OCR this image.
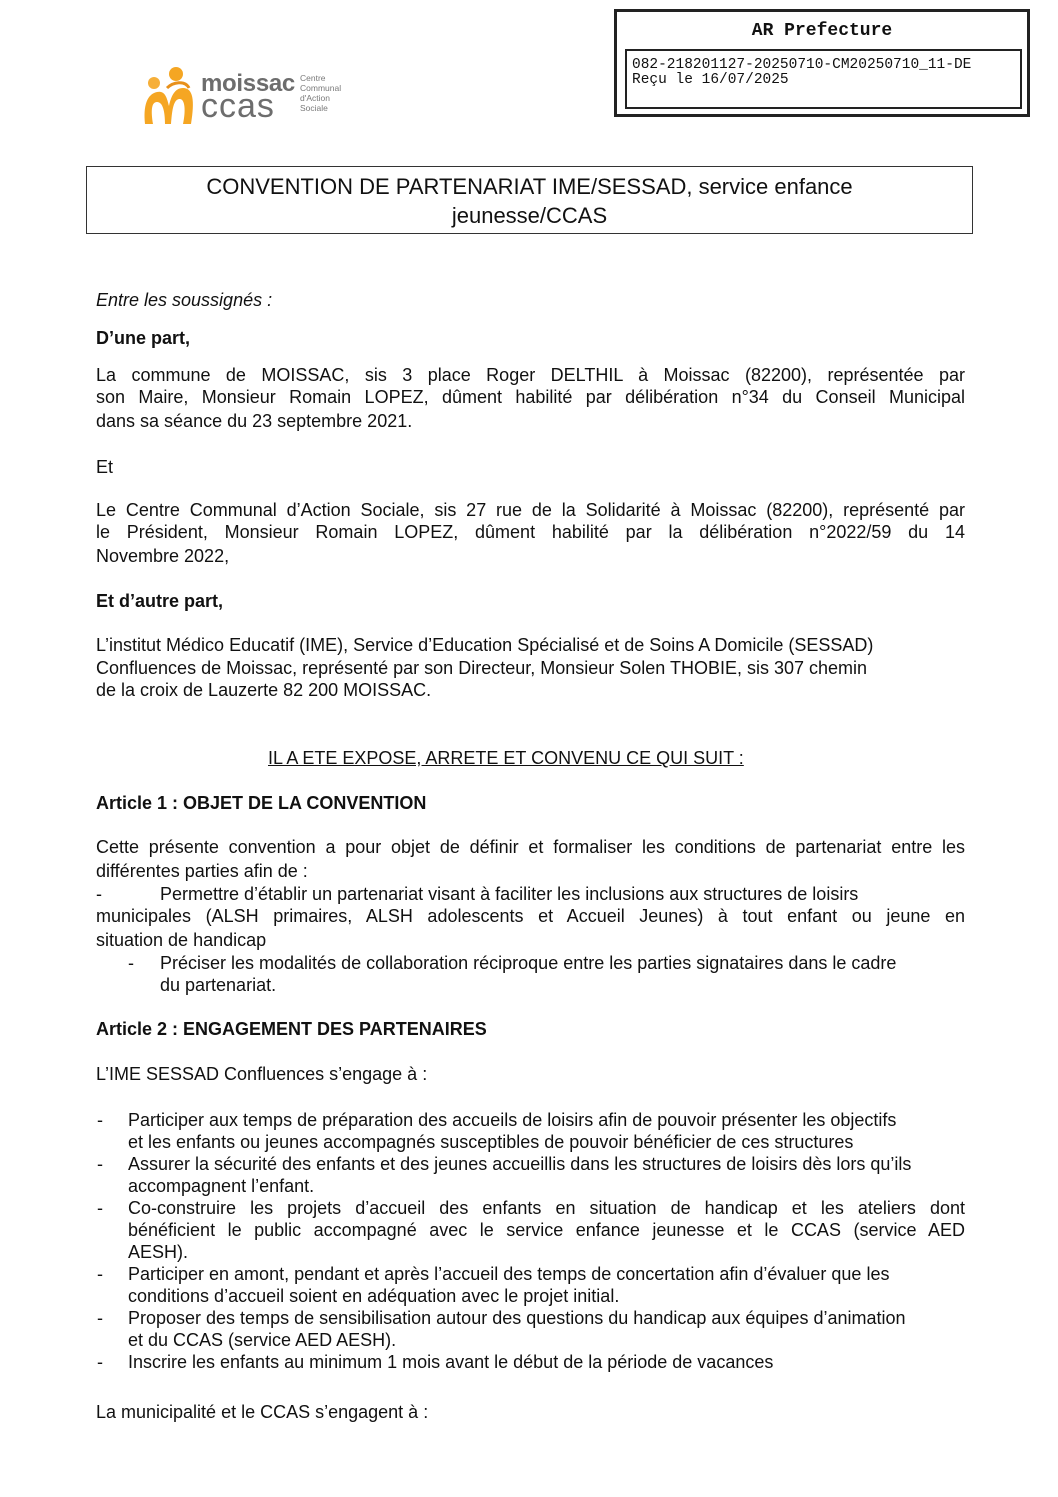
AR Prefecture
082-218201127-20250710-CM20250710_11-DE
Reçu le 16/07/2025
moissac
ccas
Centre
Communal
d'Action
Sociale
CONVENTION DE PARTENARIAT IME/SESSAD, service enfance
jeunesse/CCAS
Entre les soussignés :
D’une part,
La commune de MOISSAC, sis 3 place Roger DELTHIL à Moissac (82200), représentée par
son Maire, Monsieur Romain LOPEZ, dûment habilité par délibération n°34 du Conseil Municipal
dans sa séance du 23 septembre 2021.
Et
Le Centre Communal d’Action Sociale, sis 27 rue de la Solidarité à Moissac (82200), représenté par
le Président, Monsieur Romain LOPEZ, dûment habilité par la délibération n°2022/59 du 14
Novembre 2022,
Et d’autre part,
L’institut Médico Educatif (IME), Service d’Education Spécialisé et de Soins A Domicile (SESSAD)
Confluences de Moissac, représenté par son Directeur, Monsieur Solen THOBIE, sis 307 chemin
de la croix de Lauzerte 82 200 MOISSAC.
IL A ETE EXPOSE, ARRETE ET CONVENU CE QUI SUIT :
Article 1 : OBJET DE LA CONVENTION
Cette présente convention a pour objet de définir et formaliser les conditions de partenariat entre les
différentes parties afin de :
-	Permettre d’établir un partenariat visant à faciliter les inclusions aux structures de loisirs
municipales (ALSH primaires, ALSH adolescents et Accueil Jeunes) à tout enfant ou jeune en
situation de handicap
- Préciser les modalités de collaboration réciproque entre les parties signataires dans le cadre
du partenariat.
Article 2 : ENGAGEMENT DES PARTENAIRES
L’IME SESSAD Confluences s’engage à :
- Participer aux temps de préparation des accueils de loisirs afin de pouvoir présenter les objectifs
et les enfants ou jeunes accompagnés susceptibles de pouvoir bénéficier de ces structures
- Assurer la sécurité des enfants et des jeunes accueillis dans les structures de loisirs dès lors qu’ils
accompagnent l’enfant.
- Co-construire les projets d’accueil des enfants en situation de handicap et les ateliers dont
bénéficient le public accompagné avec le service enfance jeunesse et le CCAS (service AED
AESH).
- Participer en amont, pendant et après l’accueil des temps de concertation afin d’évaluer que les
conditions d’accueil soient en adéquation avec le projet initial.
- Proposer des temps de sensibilisation autour des questions du handicap aux équipes d’animation
et du CCAS (service AED AESH).
- Inscrire les enfants au minimum 1 mois avant le début de la période de vacances
La municipalité et le CCAS s’engagent à :
